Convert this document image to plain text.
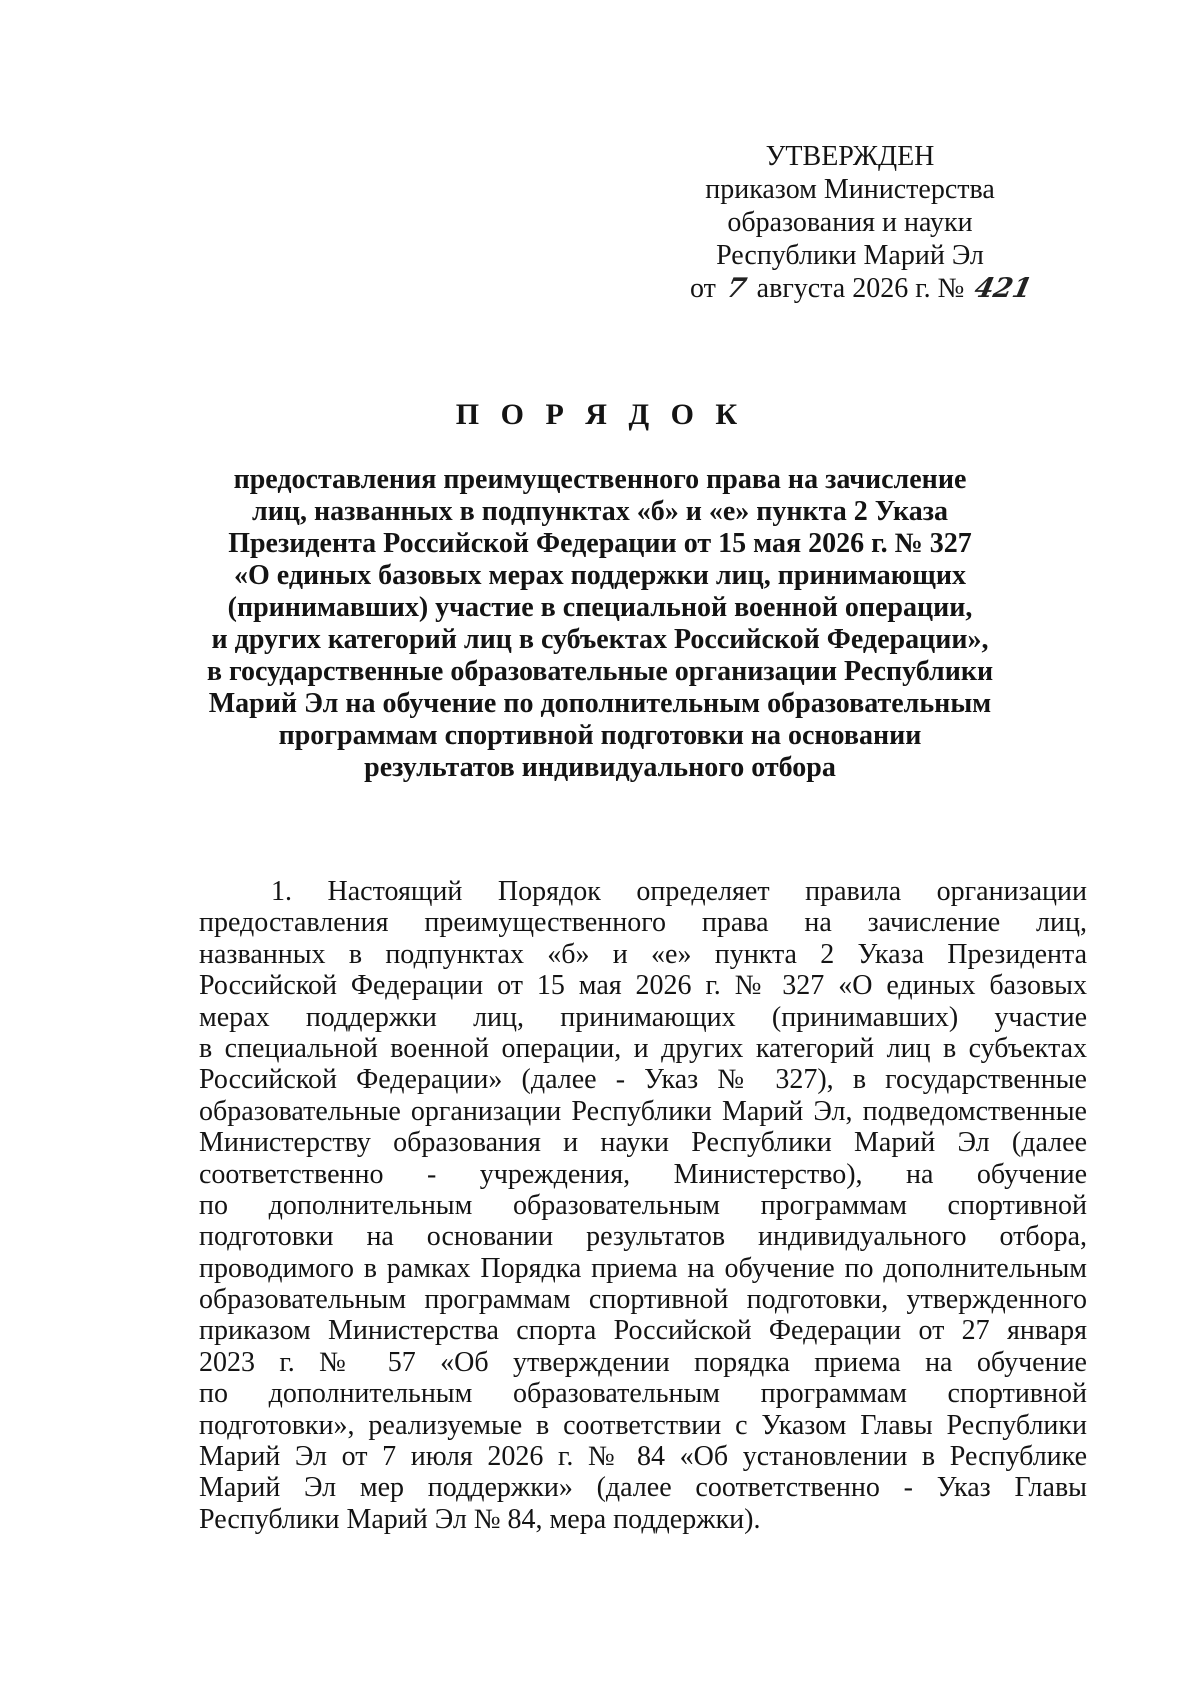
УТВЕРЖДЕН
приказом Министерства
образования и науки
Республики Марий Эл
от 7 августа 2026 г. № 421
П О Р Я Д О К
предоставления преимущественного права на зачисление
лиц, названных в подпунктах «б» и «е» пункта 2 Указа
Президента Российской Федерации от 15 мая 2026 г. № 327
«О единых базовых мерах поддержки лиц, принимающих
(принимавших) участие в специальной военной операции,
и других категорий лиц в субъектах Российской Федерации»,
в государственные образовательные организации Республики
Марий Эл на обучение по дополнительным образовательным
программам спортивной подготовки на основании
результатов индивидуального отбора
1. Настоящий Порядок определяет правила организации
предоставления преимущественного права на зачисление лиц,
названных в подпунктах «б» и «е» пункта 2 Указа Президента
Российской Федерации от 15 мая 2026 г. № 327 «О единых базовых
мерах поддержки лиц, принимающих (принимавших) участие
в специальной военной операции, и других категорий лиц в субъектах
Российской Федерации» (далее - Указ № 327), в государственные
образовательные организации Республики Марий Эл, подведомственные
Министерству образования и науки Республики Марий Эл (далее
соответственно - учреждения, Министерство), на обучение
по дополнительным образовательным программам спортивной
подготовки на основании результатов индивидуального отбора,
проводимого в рамках Порядка приема на обучение по дополнительным
образовательным программам спортивной подготовки, утвержденного
приказом Министерства спорта Российской Федерации от 27 января
2023 г. № 57 «Об утверждении порядка приема на обучение
по дополнительным образовательным программам спортивной
подготовки», реализуемые в соответствии с Указом Главы Республики
Марий Эл от 7 июля 2026 г. № 84 «Об установлении в Республике
Марий Эл мер поддержки» (далее соответственно - Указ Главы
Республики Марий Эл № 84, мера поддержки).
